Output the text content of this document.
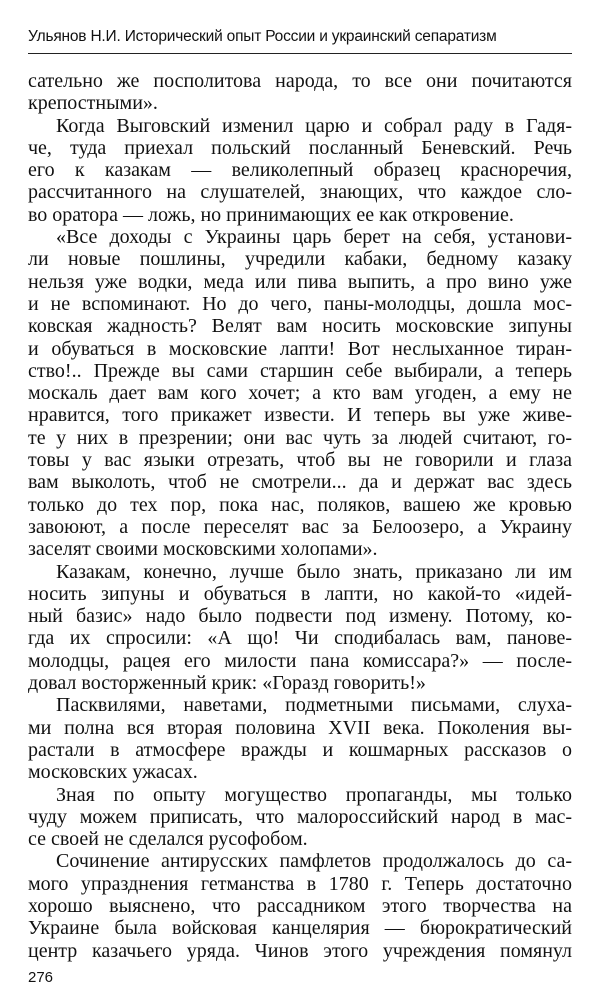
Ульянов Н.И. Исторический опыт России и украинский сепаратизм

сательно же посполитова народа, то все они почитаются
крепостными».

Когда Выговский изменил царю и собрал раду в Гадя-
че, туда приехал польский посланный Беневский. Речь
его к казакам — великолепный образец красноречия,
рассчитанного на слушателей, знающих, что каждое сло-
во оратора — ложь, но принимающих ее как откровение.

«Все доходы с Украины царь берет на себя, установи-
ли новые пошлины, учредили кабаки, бедному казаку
нельзя уже водки, меда или пива выпить, а про вино уже
и не вспоминают. Но до чего, паны-молодцы, дошла мос-
ковская жадность? Велят вам носить московские зипуны
и обуваться в московские лапти! Вот неслыханное тиран-
ство!.. Прежде вы сами старшин себе выбирали, а теперь
москаль дает вам кого хочет; а кто вам угоден, а ему не
нравится, того прикажет извести. И теперь вы уже живе-
те у них в презрении; они вас чуть за людей считают, го-
товы у вас языки отрезать, чтоб вы не говорили и глаза
вам выколоть, чтоб не смотрели... да и держат вас здесь
только до тех пор, пока нас, поляков, вашею же кровью
завоюют, а после переселят вас за Белоозеро, а Украину
заселят своими московскими холопами».

Казакам, конечно, лучше было знать, приказано ли им
носить зипуны и обуваться в лапти, но какой-то «идей-
ный базис» надо было подвести под измену. Потому, ко-
гда их спросили: «А що! Чи сподибалась вам, панове-
молодцы, рацея его милости пана комиссара?» — после-
довал восторженный крик: «Горазд говорить!»

Пасквилями, наветами, подметными письмами, слуха-
ми полна вся вторая половина XVII века. Поколения вы-
растали в атмосфере вражды и кошмарных рассказов о
московских ужасах.

Зная по опыту могущество пропаганды, мы только
чуду можем приписать, что малороссийский народ в мас-
се своей не сделался русофобом.

Сочинение антирусских памфлетов продолжалось до са-
мого упразднения гетманства в 1780 г. Теперь достаточно
хорошо выяснено, что рассадником этого творчества на
Украине была войсковая канцелярия — бюрократический
центр казачьего уряда. Чинов этого учреждения помянул

276
